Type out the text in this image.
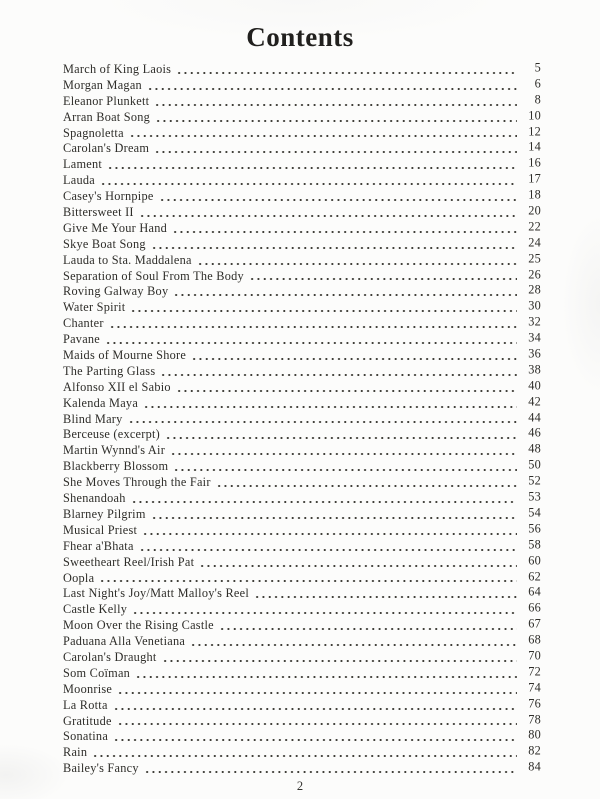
Contents
March of King Laois	5
Morgan Magan	6
Eleanor Plunkett	8
Arran Boat Song	10
Spagnoletta	12
Carolan's Dream	14
Lament	16
Lauda	17
Casey's Hornpipe	18
Bittersweet II	20
Give Me Your Hand	22
Skye Boat Song	24
Lauda to Sta. Maddalena	25
Separation of Soul From The Body	26
Roving Galway Boy	28
Water Spirit	30
Chanter	32
Pavane	34
Maids of Mourne Shore	36
The Parting Glass	38
Alfonso XII el Sabio	40
Kalenda Maya	42
Blind Mary	44
Berceuse (excerpt)	46
Martin Wynnd's Air	48
Blackberry Blossom	50
She Moves Through the Fair	52
Shenandoah	53
Blarney Pilgrim	54
Musical Priest	56
Fhear a'Bhata	58
Sweetheart Reel/Irish Pat	60
Oopla	62
Last Night's Joy/Matt Malloy's Reel	64
Castle Kelly	66
Moon Over the Rising Castle	67
Paduana Alla Venetiana	68
Carolan's Draught	70
Som Coïman	72
Moonrise	74
La Rotta	76
Gratitude	78
Sonatina	80
Rain	82
Bailey's Fancy	84
2
